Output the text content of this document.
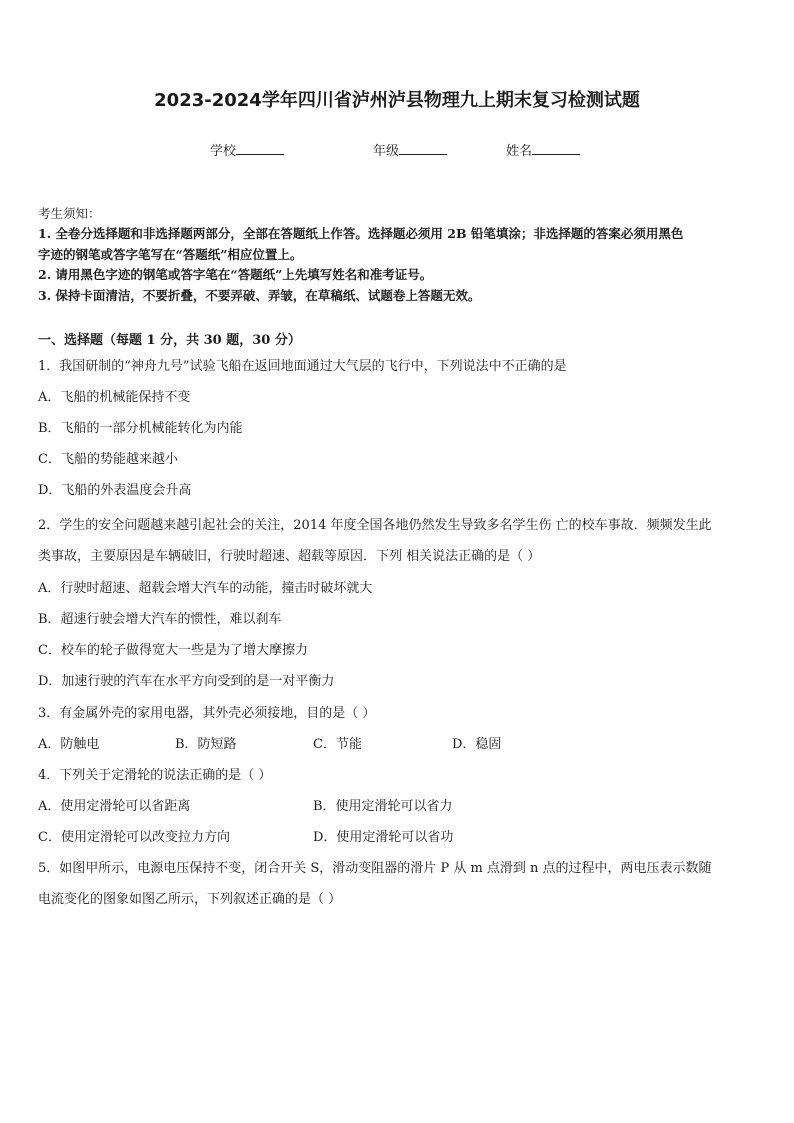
2023-2024学年四川省泸州泸县物理九上期末复习检测试题
学校	年级	姓名
考生须知：
1. 全卷分选择题和非选择题两部分，全部在答题纸上作答。选择题必须用 2B 铅笔填涂；非选择题的答案必须用黑色
字迹的钢笔或答字笔写在“答题纸”相应位置上。
2. 请用黑色字迹的钢笔或答字笔在“答题纸”上先填写姓名和准考证号。
3. 保持卡面清洁，不要折叠，不要弄破、弄皱，在草稿纸、试题卷上答题无效。
一、选择题（每题 1 分，共 30 题，30 分）
1．我国研制的“神舟九号”试验飞船在返回地面通过大气层的飞行中，下列说法中不正确的是
A．飞船的机械能保持不变
B．飞船的一部分机械能转化为内能
C．飞船的势能越来越小
D．飞船的外表温度会升高
2．学生的安全问题越来越引起社会的关注，2014 年度全国各地仍然发生导致多名学生伤 亡的校车事故．频频发生此
类事故，主要原因是车辆破旧，行驶时超速、超载等原因．下列 相关说法正确的是（ ）
A．行驶时超速、超载会增大汽车的动能，撞击时破坏就大
B．超速行驶会增大汽车的惯性，难以刹车
C．校车的轮子做得宽大一些是为了增大摩擦力
D．加速行驶的汽车在水平方向受到的是一对平衡力
3．有金属外壳的家用电器，其外壳必须接地，目的是（ ）
A．防触电	B．防短路	C．节能	D．稳固
4．下列关于定滑轮的说法正确的是（ ）
A．使用定滑轮可以省距离	B．使用定滑轮可以省力
C．使用定滑轮可以改变拉力方向	D．使用定滑轮可以省功
5．如图甲所示，电源电压保持不变，闭合开关 S，滑动变阻器的滑片 P 从 m 点滑到 n 点的过程中，两电压表示数随
电流变化的图象如图乙所示，下列叙述正确的是（ ）
